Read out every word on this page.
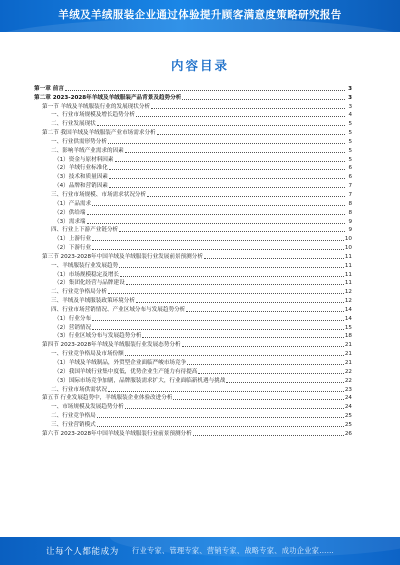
羊绒及羊绒服装企业通过体验提升顾客满意度策略研究报告
内容目录
第一章 前言	3
第二章 2023-2028年羊绒及羊绒服装产品背景及趋势分析	3
第一节 羊绒及羊绒服装行业的发展现状分析	3
一、行业市场规模及增长趋势分析	4
二、行业发展现状	5
第二节 我国羊绒及羊绒服装产业市场需求分析	5
一、行业供需形势分析	5
二、影响羊绒产业需求的因素	5
（1）资金与原材料因素	5
（2）羊绒行业标准化	6
（3）技术和质量因素	6
（4）品牌和营销因素	7
三、行业市场规模、市场需求状况分析	7
（1）产品需求	8
（2）供给端	8
（3）需求端	9
四、行业上下游产业链分析	9
（1）上游行业	10
（2）下游行业	10
第三节 2023-2028年中国羊绒及羊绒服装行业发展前景预测分析	11
一、羊绒服装行业发展趋势	11
（1）市场规模稳定及增长	11
（2）集团化经营与品牌建设	11
二、行业竞争格局分析	12
三、羊绒及羊绒服装政策环境分析	12
四、行业市场营销情况、产业区域分布与发展趋势分析	14
（1）行业分布	14
（2）营销情况	15
（3）行业区域分布与发展趋势分析	18
第四节 2023-2028年羊绒及羊绒服装行业发展态势分析	21
一、行业竞争格局及市场份额	21
（1）羊绒及羊绒制品，外贸型企业面临严峻市场竞争	21
（2）我国羊绒行业集中度低，优势企业生产能力有待提高	22
（3）国际市场竞争加剧，品牌服装需求扩大，行业面临新机遇与挑战	22
二、行业市场供需状况	23
第五节 行业发展趋势中，羊绒服装企业体验改进分析	24
一、市场规模及发展趋势分析	24
二、行业竞争格局	25
三、行业营销模式	25
第六节 2023-2028年中国羊绒及羊绒服装行业前景预测分析	26
让每个人都能成为 行业专家、管理专家、营销专家、战略专家、成功企业家……
